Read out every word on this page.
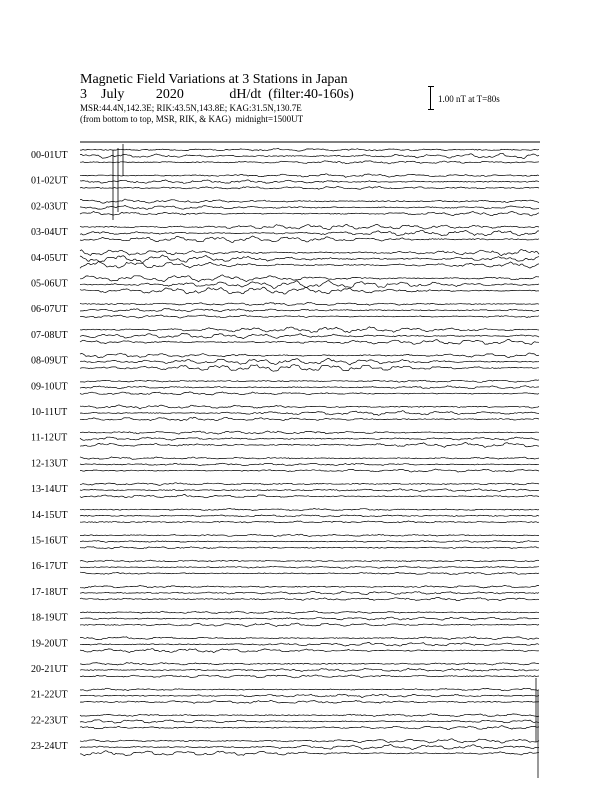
Magnetic Field Variations at 3 Stations in Japan
3 July 2020	dH/dt (filter:40-160s)
MSR:44.4N,142.3E; RIK:43.5N,143.8E; KAG:31.5N,130.7E
(from bottom to top, MSR, RIK, & KAG) midnight=1500UT
1.00 nT at T=80s
00-01UT
01-02UT
02-03UT
03-04UT
04-05UT
05-06UT
06-07UT
07-08UT
08-09UT
09-10UT
10-11UT
11-12UT
12-13UT
13-14UT
14-15UT
15-16UT
16-17UT
17-18UT
18-19UT
19-20UT
20-21UT
21-22UT
22-23UT
23-24UT
